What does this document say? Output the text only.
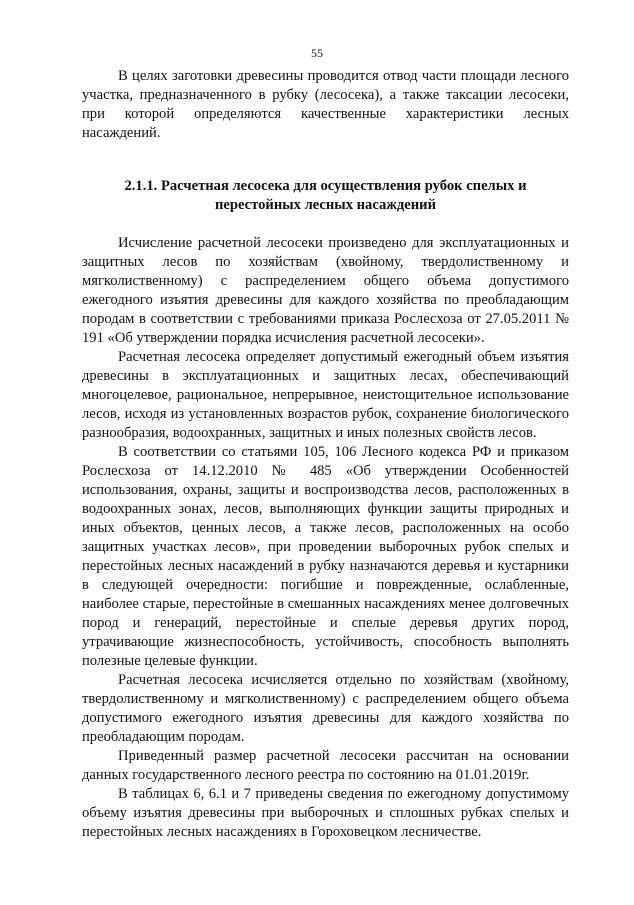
55

В целях заготовки древесины проводится отвод части площади лесного участка, предназначенного в рубку (лесосека), а также таксации лесосеки, при которой определяются качественные характеристики лесных насаждений.

2.1.1. Расчетная лесосека для осуществления рубок спелых и перестойных лесных насаждений

Исчисление расчетной лесосеки произведено для эксплуатационных и защитных лесов по хозяйствам (хвойному, твердолиственному и мягколиственному) с распределением общего объема допустимого ежегодного изъятия древесины для каждого хозяйства по преобладающим породам в соответствии с требованиями приказа Рослесхоза от 27.05.2011 № 191 «Об утверждении порядка исчисления расчетной лесосеки».

Расчетная лесосека определяет допустимый ежегодный объем изъятия древесины в эксплуатационных и защитных лесах, обеспечивающий многоцелевое, рациональное, непрерывное, неистощительное использование лесов, исходя из установленных возрастов рубок, сохранение биологического разнообразия, водоохранных, защитных и иных полезных свойств лесов.

В соответствии со статьями 105, 106 Лесного кодекса РФ и приказом Рослесхоза от 14.12.2010 № 485 «Об утверждении Особенностей использования, охраны, защиты и воспроизводства лесов, расположенных в водоохранных зонах, лесов, выполняющих функции защиты природных и иных объектов, ценных лесов, а также лесов, расположенных на особо защитных участках лесов», при проведении выборочных рубок спелых и перестойных лесных насаждений в рубку назначаются деревья и кустарники в следующей очередности: погибшие и поврежденные, ослабленные, наиболее старые, перестойные в смешанных насаждениях менее долговечных пород и генераций, перестойные и спелые деревья других пород, утрачивающие жизнеспособность, устойчивость, способность выполнять полезные целевые функции.

Расчетная лесосека исчисляется отдельно по хозяйствам (хвойному, твердолиственному и мягколиственному) с распределением общего объема допустимого ежегодного изъятия древесины для каждого хозяйства по преобладающим породам.

Приведенный размер расчетной лесосеки рассчитан на основании данных государственного лесного реестра по состоянию на 01.01.2019г.

В таблицах 6, 6.1 и 7 приведены сведения по ежегодному допустимому объему изъятия древесины при выборочных и сплошных рубках спелых и перестойных лесных насаждениях в Гороховецком лесничестве.
